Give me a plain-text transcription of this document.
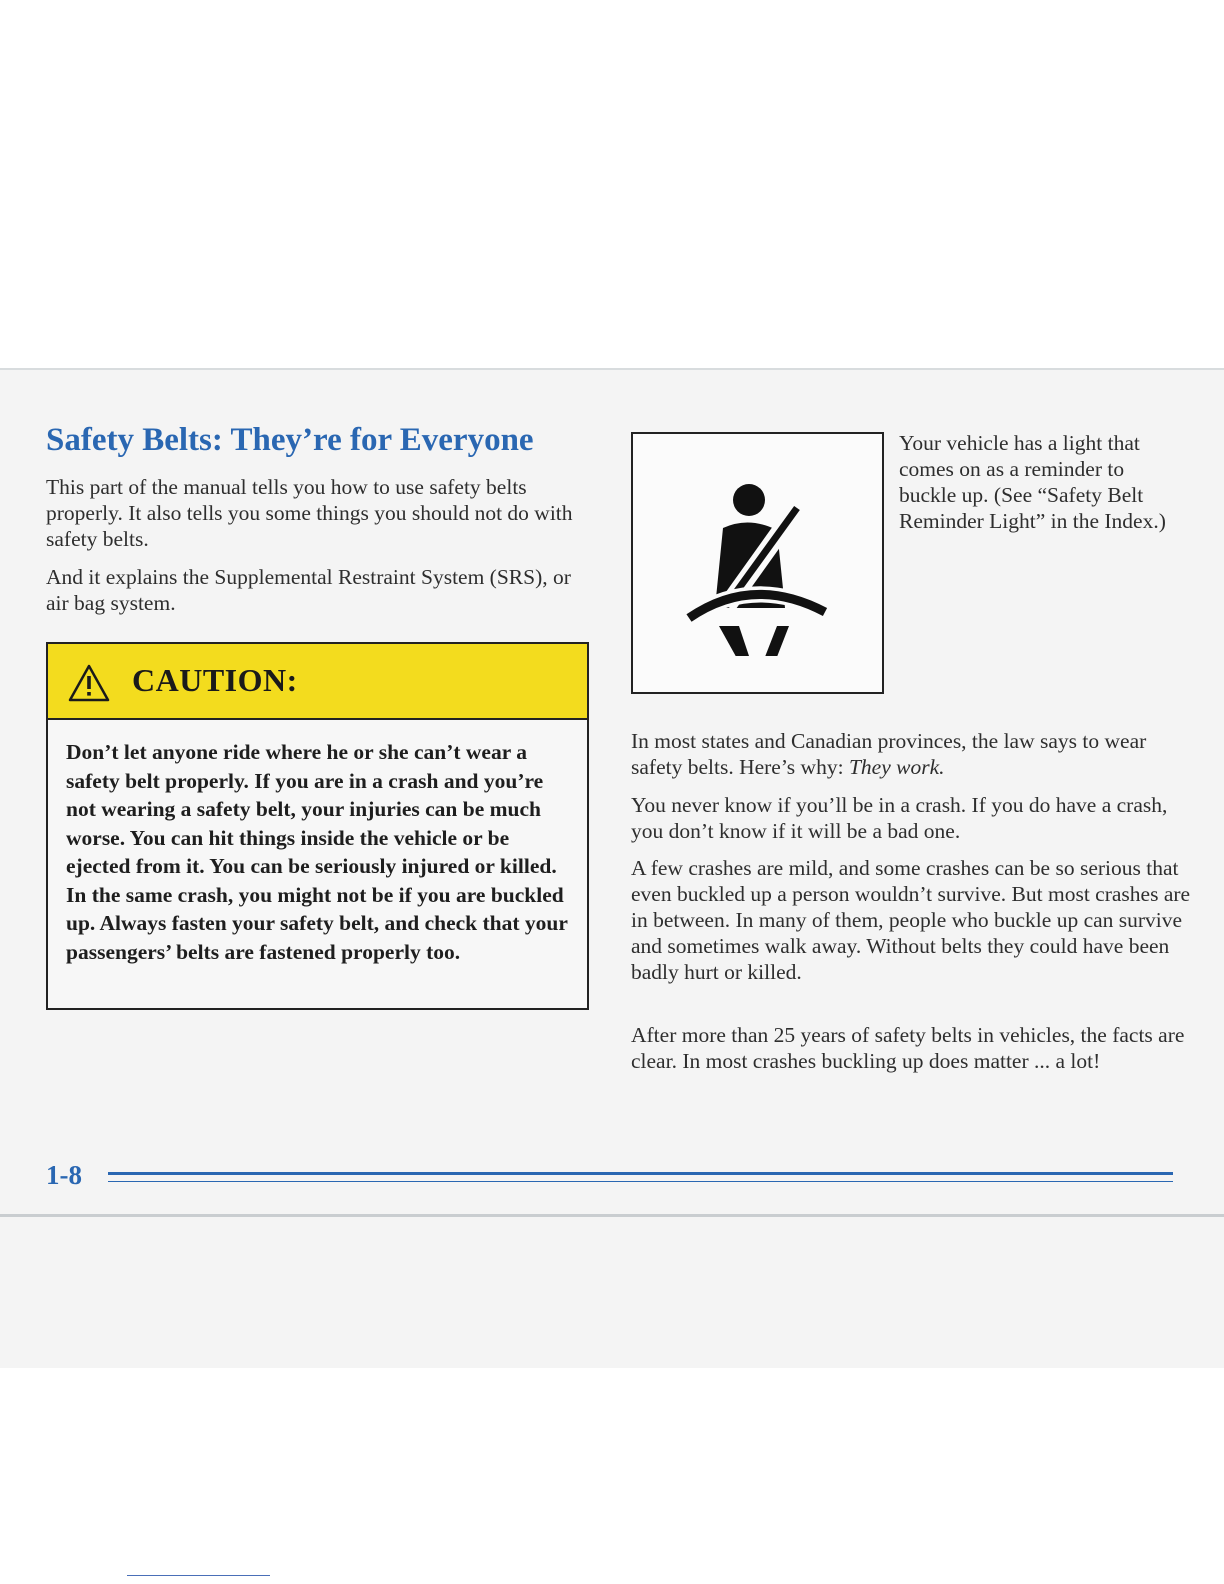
Safety Belts: They’re for Everyone

This part of the manual tells you how to use safety belts properly. It also tells you some things you should not do with safety belts.

And it explains the Supplemental Restraint System (SRS), or air bag system.

CAUTION:

Don’t let anyone ride where he or she can’t wear a safety belt properly. If you are in a crash and you’re not wearing a safety belt, your injuries can be much worse. You can hit things inside the vehicle or be ejected from it. You can be seriously injured or killed. In the same crash, you might not be if you are buckled up. Always fasten your safety belt, and check that your passengers’ belts are fastened properly too.

Your vehicle has a light that comes on as a reminder to buckle up. (See “Safety Belt Reminder Light” in the Index.)

In most states and Canadian provinces, the law says to wear safety belts. Here’s why: They work.

You never know if you’ll be in a crash. If you do have a crash, you don’t know if it will be a bad one.

A few crashes are mild, and some crashes can be so serious that even buckled up a person wouldn’t survive. But most crashes are in between. In many of them, people who buckle up can survive and sometimes walk away. Without belts they could have been badly hurt or killed.

After more than 25 years of safety belts in vehicles, the facts are clear. In most crashes buckling up does matter ... a lot!

1-8
